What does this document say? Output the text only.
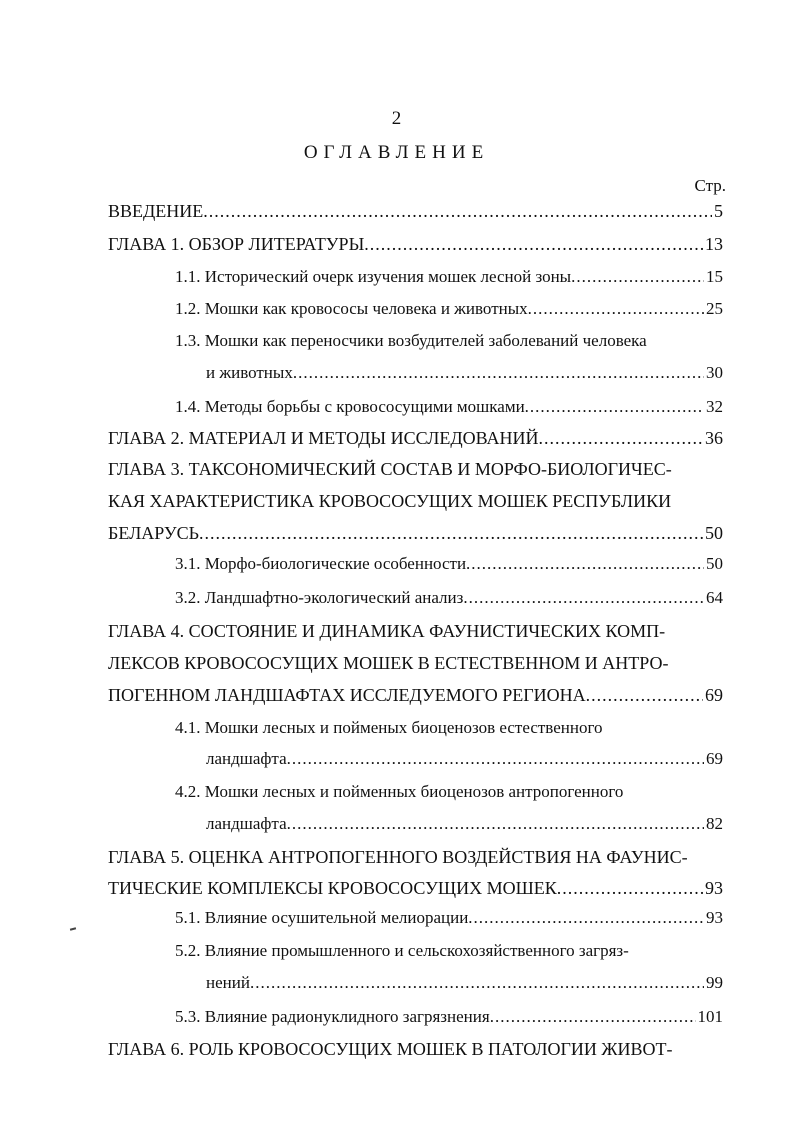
2
ОГЛАВЛЕНИЕ
Стр.
ВВЕДЕНИЕ .....	5
ГЛАВА 1. ОБЗОР ЛИТЕРАТУРЫ .....	13
1.1. Исторический очерк изучения мошек лесной зоны .....	15
1.2. Мошки как кровососы человека и животных .....	25
1.3. Мошки как переносчики возбудителей заболеваний человека
и животных .....	30
1.4. Методы борьбы с кровососущими мошками .....	32
ГЛАВА 2. МАТЕРИАЛ И МЕТОДЫ ИССЛЕДОВАНИЙ .....	36
ГЛАВА 3. ТАКСОНОМИЧЕСКИЙ СОСТАВ И МОРФО-БИОЛОГИЧЕС-
КАЯ ХАРАКТЕРИСТИКА КРОВОСОСУЩИХ МОШЕК РЕСПУБЛИКИ
БЕЛАРУСЬ .....	50
3.1. Морфо-биологические особенности .....	50
3.2. Ландшафтно-экологический анализ .....	64
ГЛАВА 4. СОСТОЯНИЕ И ДИНАМИКА ФАУНИСТИЧЕСКИХ КОМП-
ЛЕКСОВ КРОВОСОСУЩИХ МОШЕК В ЕСТЕСТВЕННОМ И АНТРО-
ПОГЕННОМ ЛАНДШАФТАХ ИССЛЕДУЕМОГО РЕГИОНА .....	69
4.1. Мошки лесных и пойменых биоценозов естественного
ландшафта .....	69
4.2. Мошки лесных и пойменных биоценозов антропогенного
ландшафта .....	82
ГЛАВА 5. ОЦЕНКА АНТРОПОГЕННОГО ВОЗДЕЙСТВИЯ НА ФАУНИС-
ТИЧЕСКИЕ КОМПЛЕКСЫ КРОВОСОСУЩИХ МОШЕК .....	93
5.1. Влияние осушительной мелиорации .....	93
5.2. Влияние промышленного и сельскохозяйственного загряз-
нений .....	99
5.3. Влияние радионуклидного загрязнения .....	101
ГЛАВА 6. РОЛЬ КРОВОСОСУЩИХ МОШЕК В ПАТОЛОГИИ ЖИВОТ-
